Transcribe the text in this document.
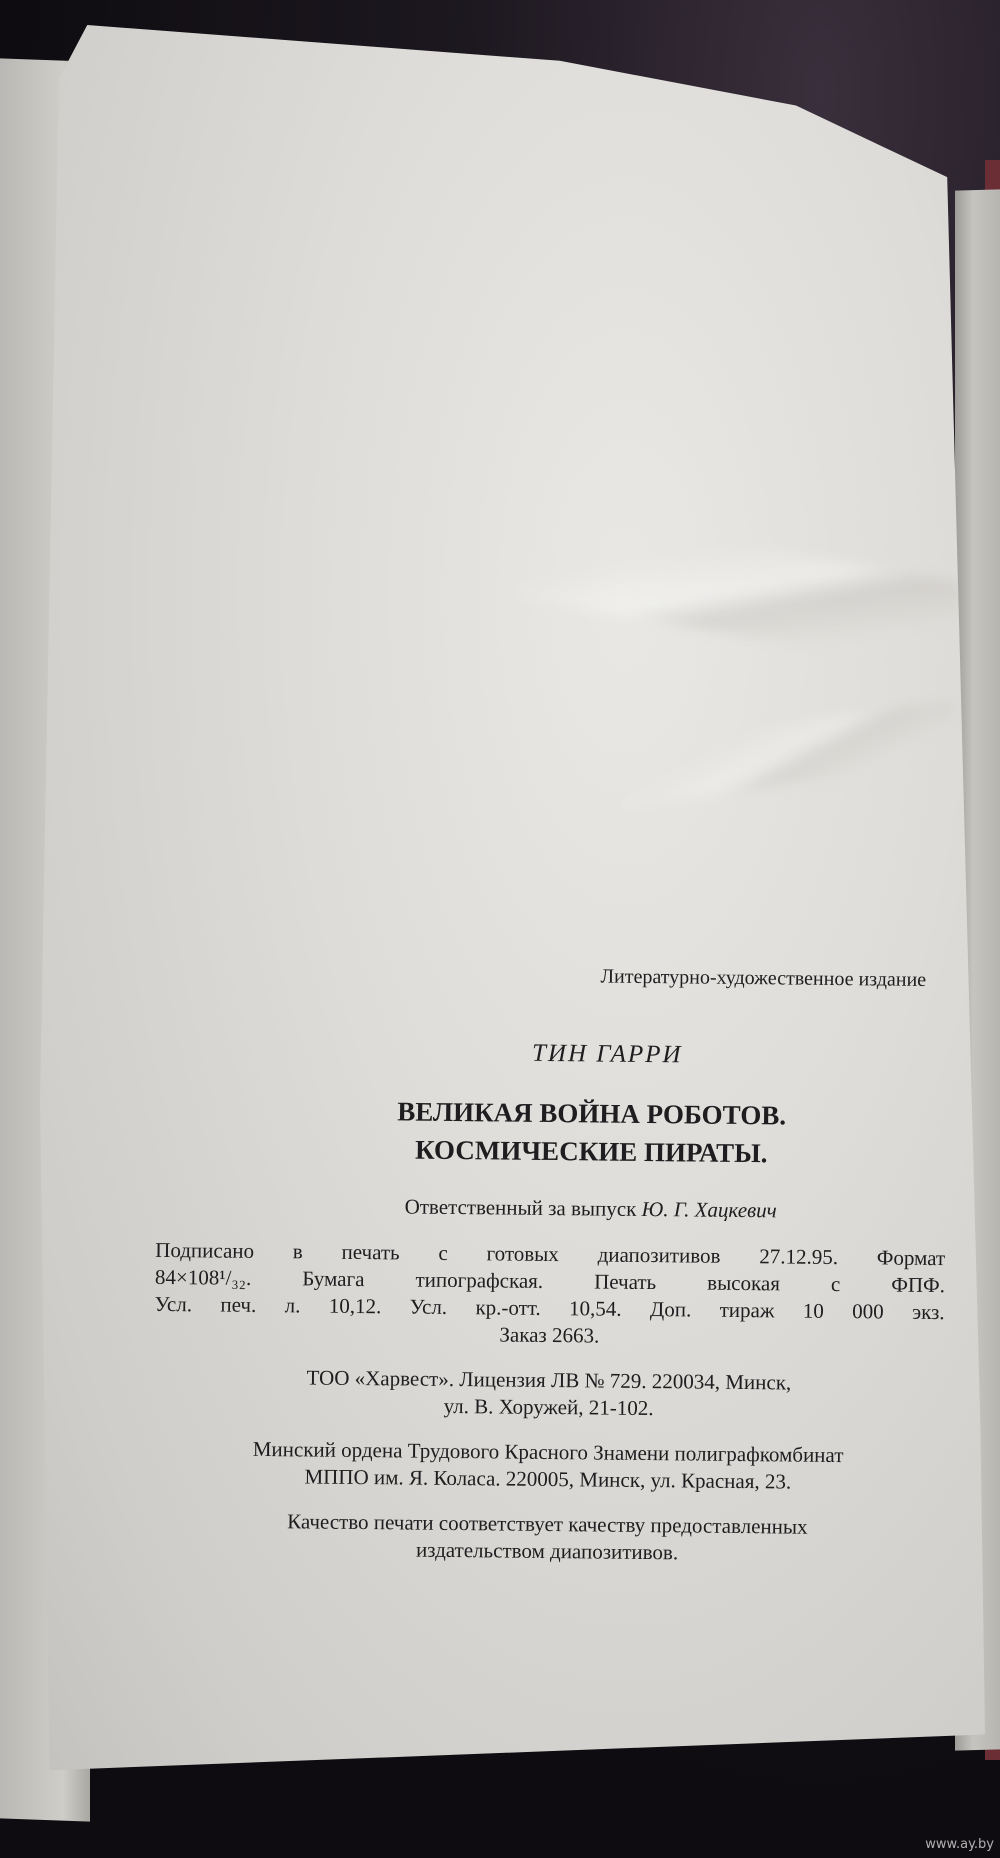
Литературно-художественное издание
ТИН ГАРРИ
ВЕЛИКАЯ ВОЙНА РОБОТОВ.
КОСМИЧЕСКИЕ ПИРАТЫ.
Ответственный за выпуск Ю. Г. Хацкевич
Подписано в печать с готовых диапозитивов 27.12.95. Формат
84×108¹/₃₂. Бумага типографская. Печать высокая с ФПФ.
Усл. печ. л. 10,12. Усл. кр.-отт. 10,54. Доп. тираж 10 000 экз.
Заказ 2663.
ТОО «Харвест». Лицензия ЛВ № 729. 220034, Минск,
ул. В. Хоружей, 21-102.
Минский ордена Трудового Красного Знамени полиграфкомбинат
МППО им. Я. Коласа. 220005, Минск, ул. Красная, 23.
Качество печати соответствует качеству предоставленных
издательством диапозитивов.
www.ay.by
